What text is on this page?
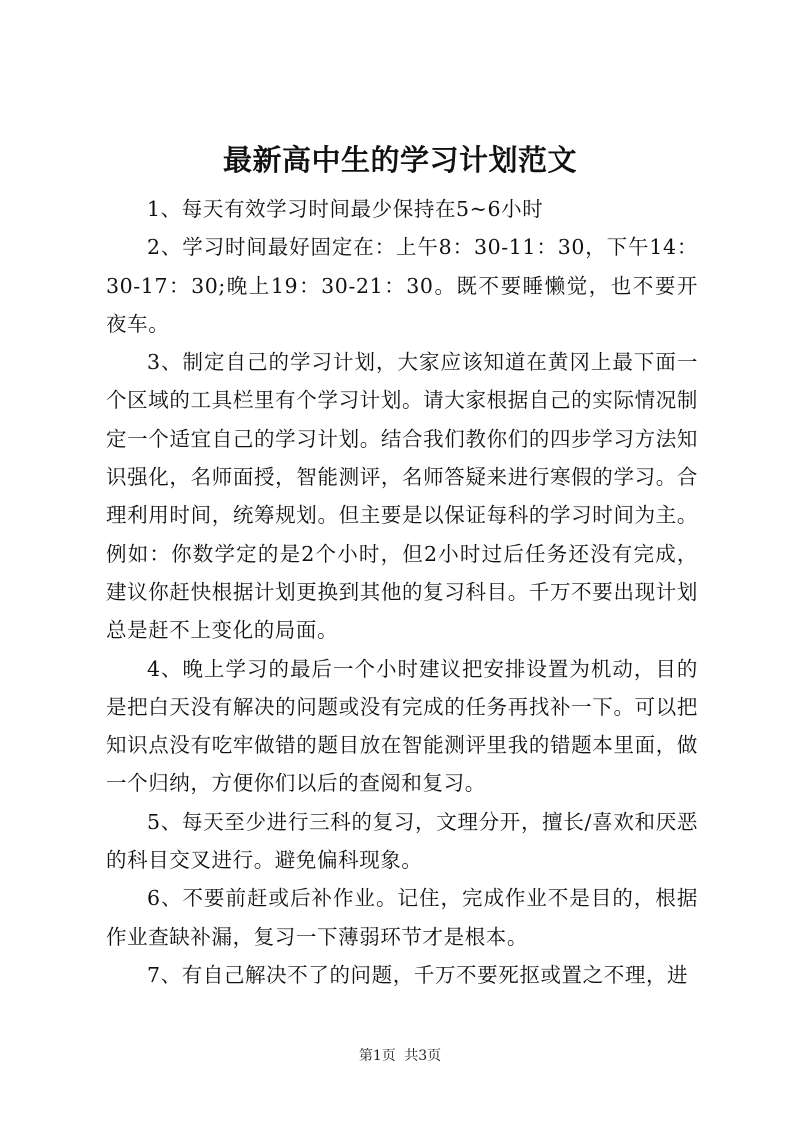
最新高中生的学习计划范文

1、每天有效学习时间最少保持在5~6小时

2、学习时间最好固定在：上午8：30-11：30，下午14：30-17：30;晚上19：30-21：30。既不要睡懒觉，也不要开夜车。

3、制定自己的学习计划，大家应该知道在黄冈上最下面一个区域的工具栏里有个学习计划。请大家根据自己的实际情况制定一个适宜自己的学习计划。结合我们教你们的四步学习方法知识强化，名师面授，智能测评，名师答疑来进行寒假的学习。合理利用时间，统筹规划。但主要是以保证每科的学习时间为主。例如：你数学定的是2个小时，但2小时过后任务还没有完成，建议你赶快根据计划更换到其他的复习科目。千万不要出现计划总是赶不上变化的局面。

4、晚上学习的最后一个小时建议把安排设置为机动，目的是把白天没有解决的问题或没有完成的任务再找补一下。可以把知识点没有吃牢做错的题目放在智能测评里我的错题本里面，做一个归纳，方便你们以后的查阅和复习。

5、每天至少进行三科的复习，文理分开，擅长/喜欢和厌恶的科目交叉进行。避免偏科现象。

6、不要前赶或后补作业。记住，完成作业不是目的，根据作业查缺补漏，复习一下薄弱环节才是根本。

7、有自己解决不了的问题，千万不要死抠或置之不理，进

第1页 共3页
